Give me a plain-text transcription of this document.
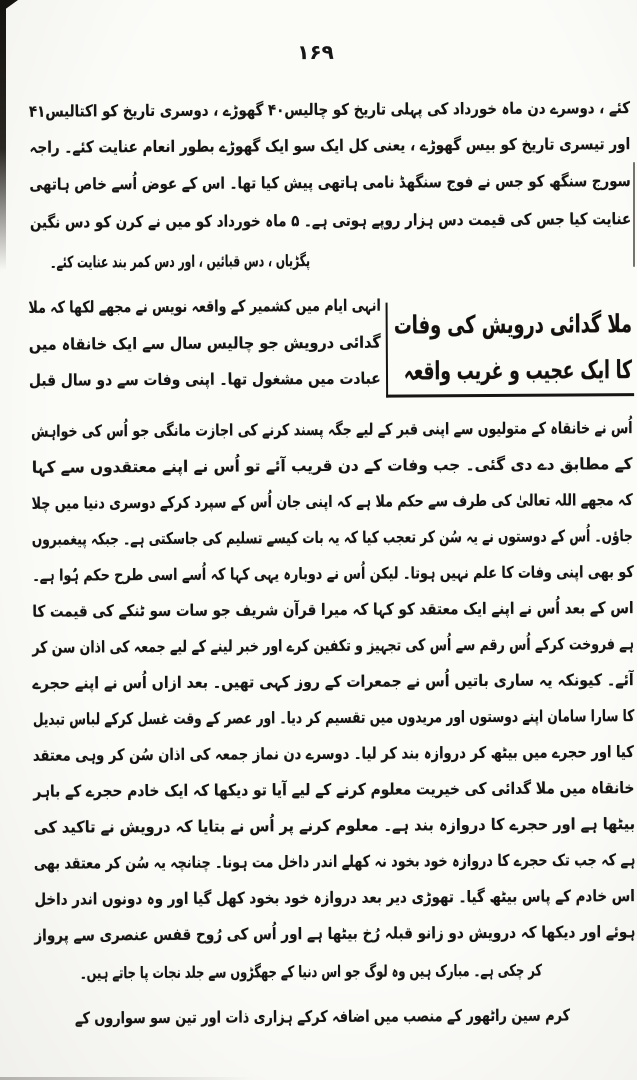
۱۶۹
ملا گدائی درویش کی وفات
کا ایک عجیب و غریب واقعہ
کئے ، دوسرے دن ماہ خورداد کی پہلی تاریخ کو چالیس۴۰ گھوڑے ، دوسری تاریخ کو اکتالیس۴۱
اور تیسری تاریخ کو بیس گھوڑے ، یعنی کل ایک سو ایک گھوڑے بطور انعام عنایت کئے۔ راجہ
سورج سنگھ کو جس نے فوج سنگھڈ نامی ہاتھی پیش کیا تھا۔ اس کے عوض اُسے خاص ہاتھی
عنایت کیا جس کی قیمت دس ہزار روپے ہوتی ہے۔ ۵ ماہ خورداد کو میں نے کرن کو دس نگین
پگڑیاں ، دس قبائیں ، اور دس کمر بند عنایت کئے۔
انہی ایام میں کشمیر کے واقعہ نویس نے مجھے لکھا کہ ملا
گدائی درویش جو چالیس سال سے ایک خانقاہ میں
عبادت میں مشغول تھا۔ اپنی وفات سے دو سال قبل
اُس نے خانقاہ کے متولیوں سے اپنی قبر کے لیے جگہ پسند کرنے کی اجازت مانگی جو اُس کی خواہش
کے مطابق دے دی گئی۔ جب وفات کے دن قریب آئے تو اُس نے اپنے معتقدوں سے کہا
کہ مجھے اللہ تعالیٰ کی طرف سے حکم ملا ہے کہ اپنی جان اُس کے سپرد کرکے دوسری دنیا میں چلا
جاؤں۔ اُس کے دوستوں نے یہ سُن کر تعجب کیا کہ یہ بات کیسے تسلیم کی جاسکتی ہے۔ جبکہ پیغمبروں
کو بھی اپنی وفات کا علم نہیں ہوتا۔ لیکن اُس نے دوبارہ یہی کہا کہ اُسے اسی طرح حکم ہُوا ہے۔
اس کے بعد اُس نے اپنے ایک معتقد کو کہا کہ میرا قرآن شریف جو سات سو ٹنکے کی قیمت کا
ہے فروخت کرکے اُس رقم سے اُس کی تجہیز و تکفین کرے اور خبر لینے کے لیے جمعہ کی اذان سن کر
آئے۔ کیونکہ یہ ساری باتیں اُس نے جمعرات کے روز کہی تھیں۔ بعد ازاں اُس نے اپنے حجرے
کا سارا سامان اپنے دوستوں اور مریدوں میں تقسیم کر دیا۔ اور عصر کے وقت غسل کرکے لباس تبدیل
کیا اور حجرے میں بیٹھ کر دروازہ بند کر لیا۔ دوسرے دن نماز جمعہ کی اذان سُن کر وہی معتقد
خانقاہ میں ملا گدائی کی خیریت معلوم کرنے کے لیے آیا تو دیکھا کہ ایک خادم حجرے کے باہر
بیٹھا ہے اور حجرے کا دروازہ بند ہے۔ معلوم کرنے پر اُس نے بتایا کہ درویش نے تاکید کی
ہے کہ جب تک حجرے کا دروازہ خود بخود نہ کھلے اندر داخل مت ہونا۔ چنانچہ یہ سُن کر معتقد بھی
اس خادم کے پاس بیٹھ گیا۔ تھوڑی دیر بعد دروازہ خود بخود کھل گیا اور وہ دونوں اندر داخل
ہوئے اور دیکھا کہ درویش دو زانو قبلہ رُخ بیٹھا ہے اور اُس کی رُوح قفس عنصری سے پرواز
کر چکی ہے۔ مبارک ہیں وہ لوگ جو اس دنیا کے جھگڑوں سے جلد نجات پا جاتے ہیں۔
کرم سین راٹھور کے منصب میں اضافہ کرکے ہزاری ذات اور تین سو سواروں کے
